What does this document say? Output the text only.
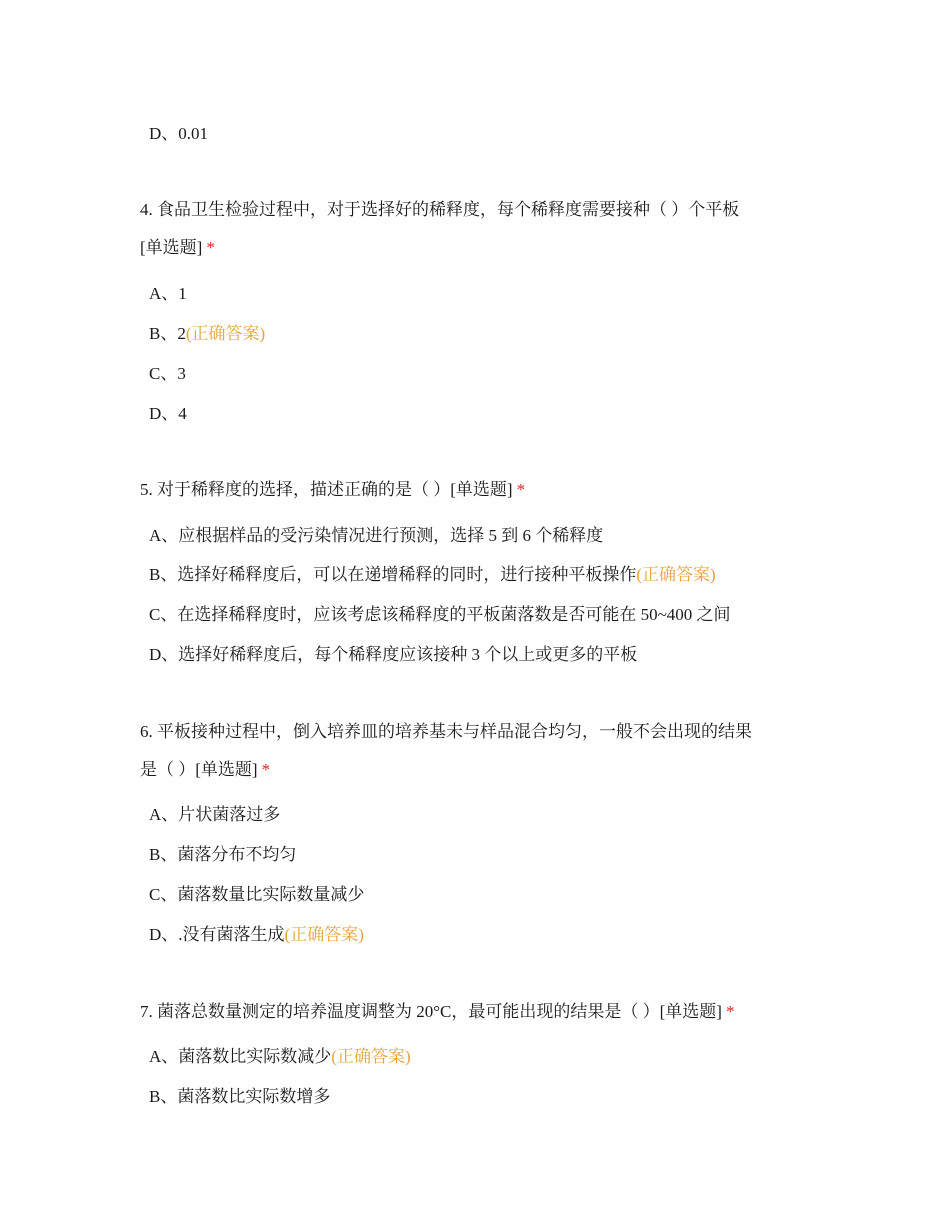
D、0.01
4. 食品卫生检验过程中，对于选择好的稀释度，每个稀释度需要接种（ ）个平板
[单选题] *
A、1
B、2(正确答案)
C、3
D、4
5. 对于稀释度的选择，描述正确的是（ ）[单选题] *
A、应根据样品的受污染情况进行预测，选择 5 到 6 个稀释度
B、选择好稀释度后，可以在递增稀释的同时，进行接种平板操作(正确答案)
C、在选择稀释度时，应该考虑该稀释度的平板菌落数是否可能在 50~400 之间
D、选择好稀释度后，每个稀释度应该接种 3 个以上或更多的平板
6. 平板接种过程中，倒入培养皿的培养基未与样品混合均匀，一般不会出现的结果
是（ ）[单选题] *
A、片状菌落过多
B、菌落分布不均匀
C、菌落数量比实际数量减少
D、.没有菌落生成(正确答案)
7. 菌落总数量测定的培养温度调整为 20°C，最可能出现的结果是（ ）[单选题] *
A、菌落数比实际数减少(正确答案)
B、菌落数比实际数增多
